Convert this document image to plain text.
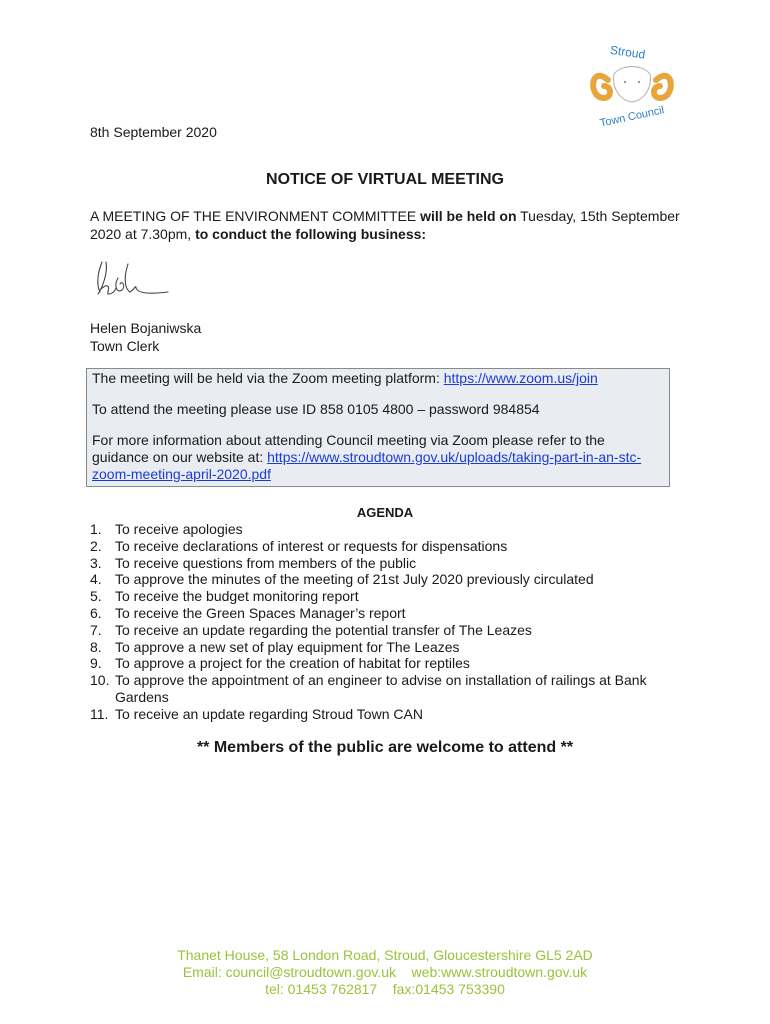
Stroud
Town Council
8th September 2020
NOTICE OF VIRTUAL MEETING
A MEETING OF THE ENVIRONMENT COMMITTEE will be held on Tuesday, 15th September 2020 at 7.30pm, to conduct the following business:
Helen Bojaniwska
Town Clerk

The meeting will be held via the Zoom meeting platform: https://www.zoom.us/join

To attend the meeting please use ID 858 0105 4800 – password 984854

For more information about attending Council meeting via Zoom please refer to the guidance on our website at: https://www.stroudtown.gov.uk/uploads/taking-part-in-an-stc-zoom-meeting-april-2020.pdf

AGENDA
1. To receive apologies
2. To receive declarations of interest or requests for dispensations
3. To receive questions from members of the public
4. To approve the minutes of the meeting of 21st July 2020 previously circulated
5. To receive the budget monitoring report
6. To receive the Green Spaces Manager’s report
7. To receive an update regarding the potential transfer of The Leazes
8. To approve a new set of play equipment for The Leazes
9. To approve a project for the creation of habitat for reptiles
10. To approve the appointment of an engineer to advise on installation of railings at Bank Gardens
11. To receive an update regarding Stroud Town CAN
** Members of the public are welcome to attend **
Thanet House, 58 London Road, Stroud, Gloucestershire GL5 2AD
Email: council@stroudtown.gov.uk    web:www.stroudtown.gov.uk
tel: 01453 762817    fax:01453 753390
